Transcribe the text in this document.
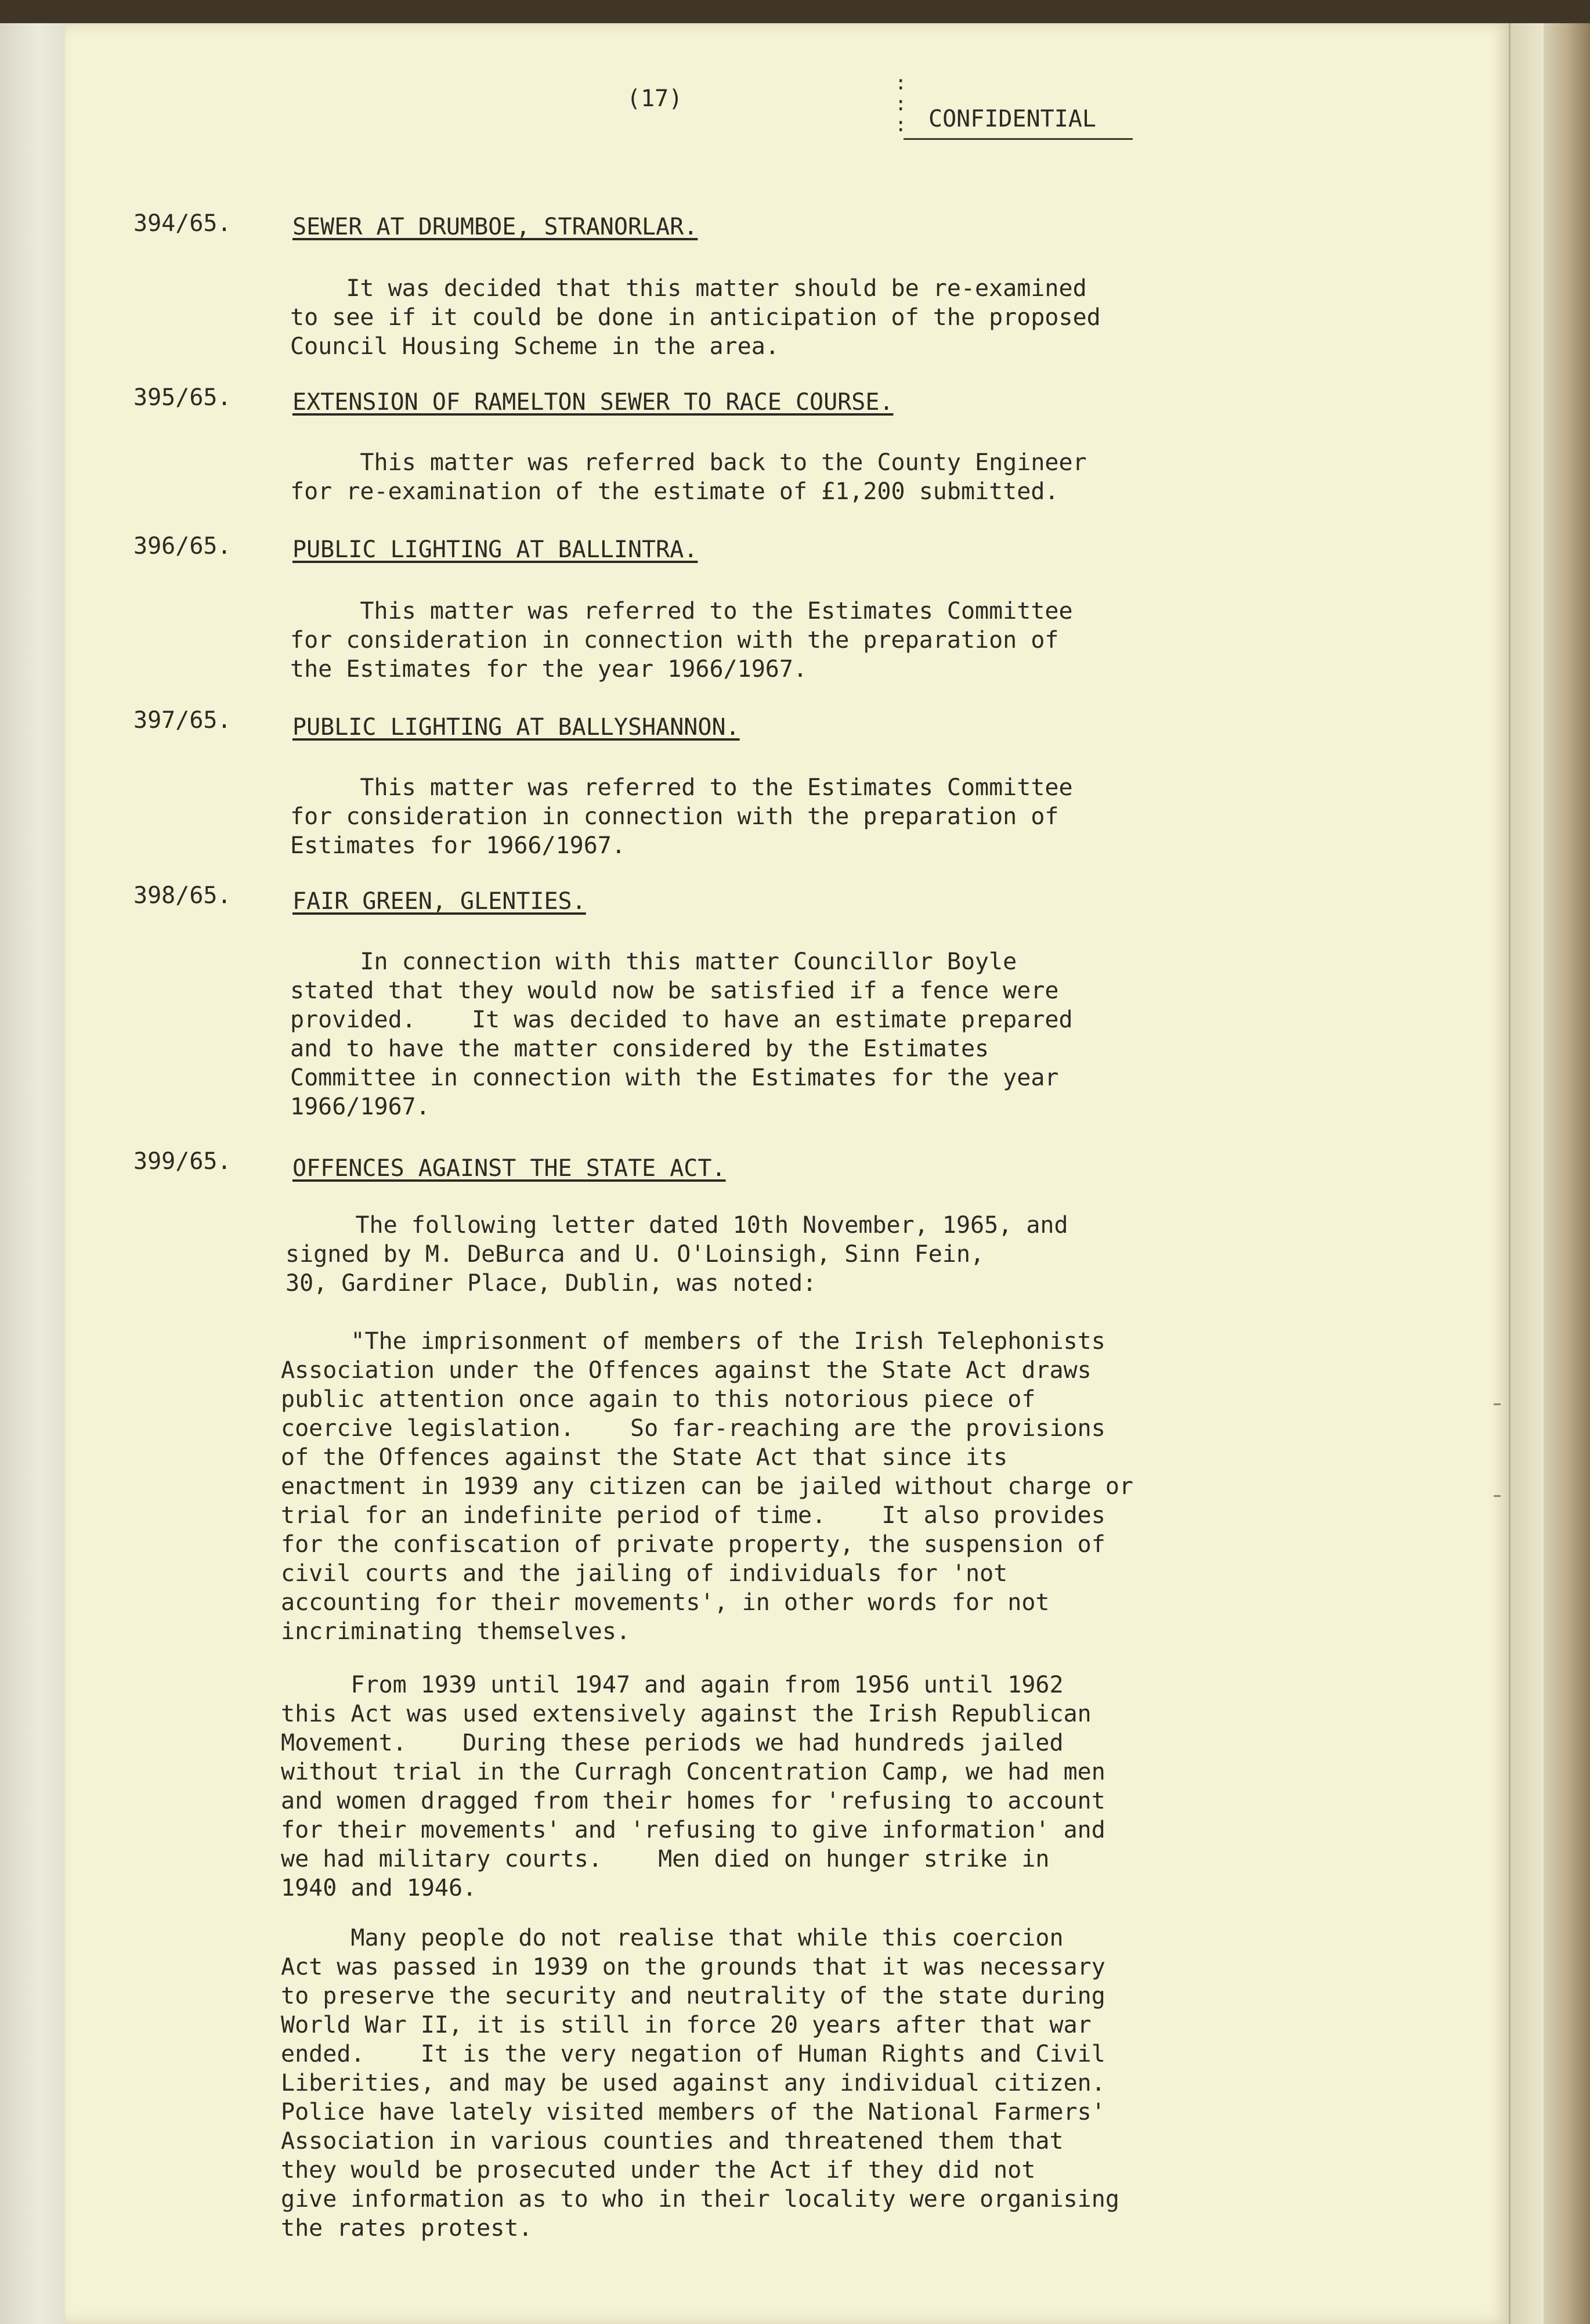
(17)
:
:
: CONFIDENTIAL
394/65.	SEWER AT DRUMBOE, STRANORLAR.
It was decided that this matter should be re-examined
to see if it could be done in anticipation of the proposed
Council Housing Scheme in the area.
395/65.	EXTENSION OF RAMELTON SEWER TO RACE COURSE.
This matter was referred back to the County Engineer
for re-examination of the estimate of £1,200 submitted.
396/65.	PUBLIC LIGHTING AT BALLINTRA.
This matter was referred to the Estimates Committee
for consideration in connection with the preparation of
the Estimates for the year 1966/1967.
397/65.	PUBLIC LIGHTING AT BALLYSHANNON.
This matter was referred to the Estimates Committee
for consideration in connection with the preparation of
Estimates for 1966/1967.
398/65.	FAIR GREEN, GLENTIES.
In connection with this matter Councillor Boyle
stated that they would now be satisfied if a fence were
provided.    It was decided to have an estimate prepared
and to have the matter considered by the Estimates
Committee in connection with the Estimates for the year
1966/1967.
399/65.	OFFENCES AGAINST THE STATE ACT.
The following letter dated 10th November, 1965, and
signed by M. DeBurca and U. O'Loinsigh, Sinn Fein,
30, Gardiner Place, Dublin, was noted:
"The imprisonment of members of the Irish Telephonists
Association under the Offences against the State Act draws
public attention once again to this notorious piece of
coercive legislation.    So far-reaching are the provisions
of the Offences against the State Act that since its
enactment in 1939 any citizen can be jailed without charge or
trial for an indefinite period of time.    It also provides
for the confiscation of private property, the suspension of
civil courts and the jailing of individuals for 'not
accounting for their movements', in other words for not
incriminating themselves.
From 1939 until 1947 and again from 1956 until 1962
this Act was used extensively against the Irish Republican
Movement.    During these periods we had hundreds jailed
without trial in the Curragh Concentration Camp, we had men
and women dragged from their homes for 'refusing to account
for their movements' and 'refusing to give information' and
we had military courts.    Men died on hunger strike in
1940 and 1946.
Many people do not realise that while this coercion
Act was passed in 1939 on the grounds that it was necessary
to preserve the security and neutrality of the state during
World War II, it is still in force 20 years after that war
ended.    It is the very negation of Human Rights and Civil
Liberities, and may be used against any individual citizen.
Police have lately visited members of the National Farmers'
Association in various counties and threatened them that
they would be prosecuted under the Act if they did not
give information as to who in their locality were organising
the rates protest.
